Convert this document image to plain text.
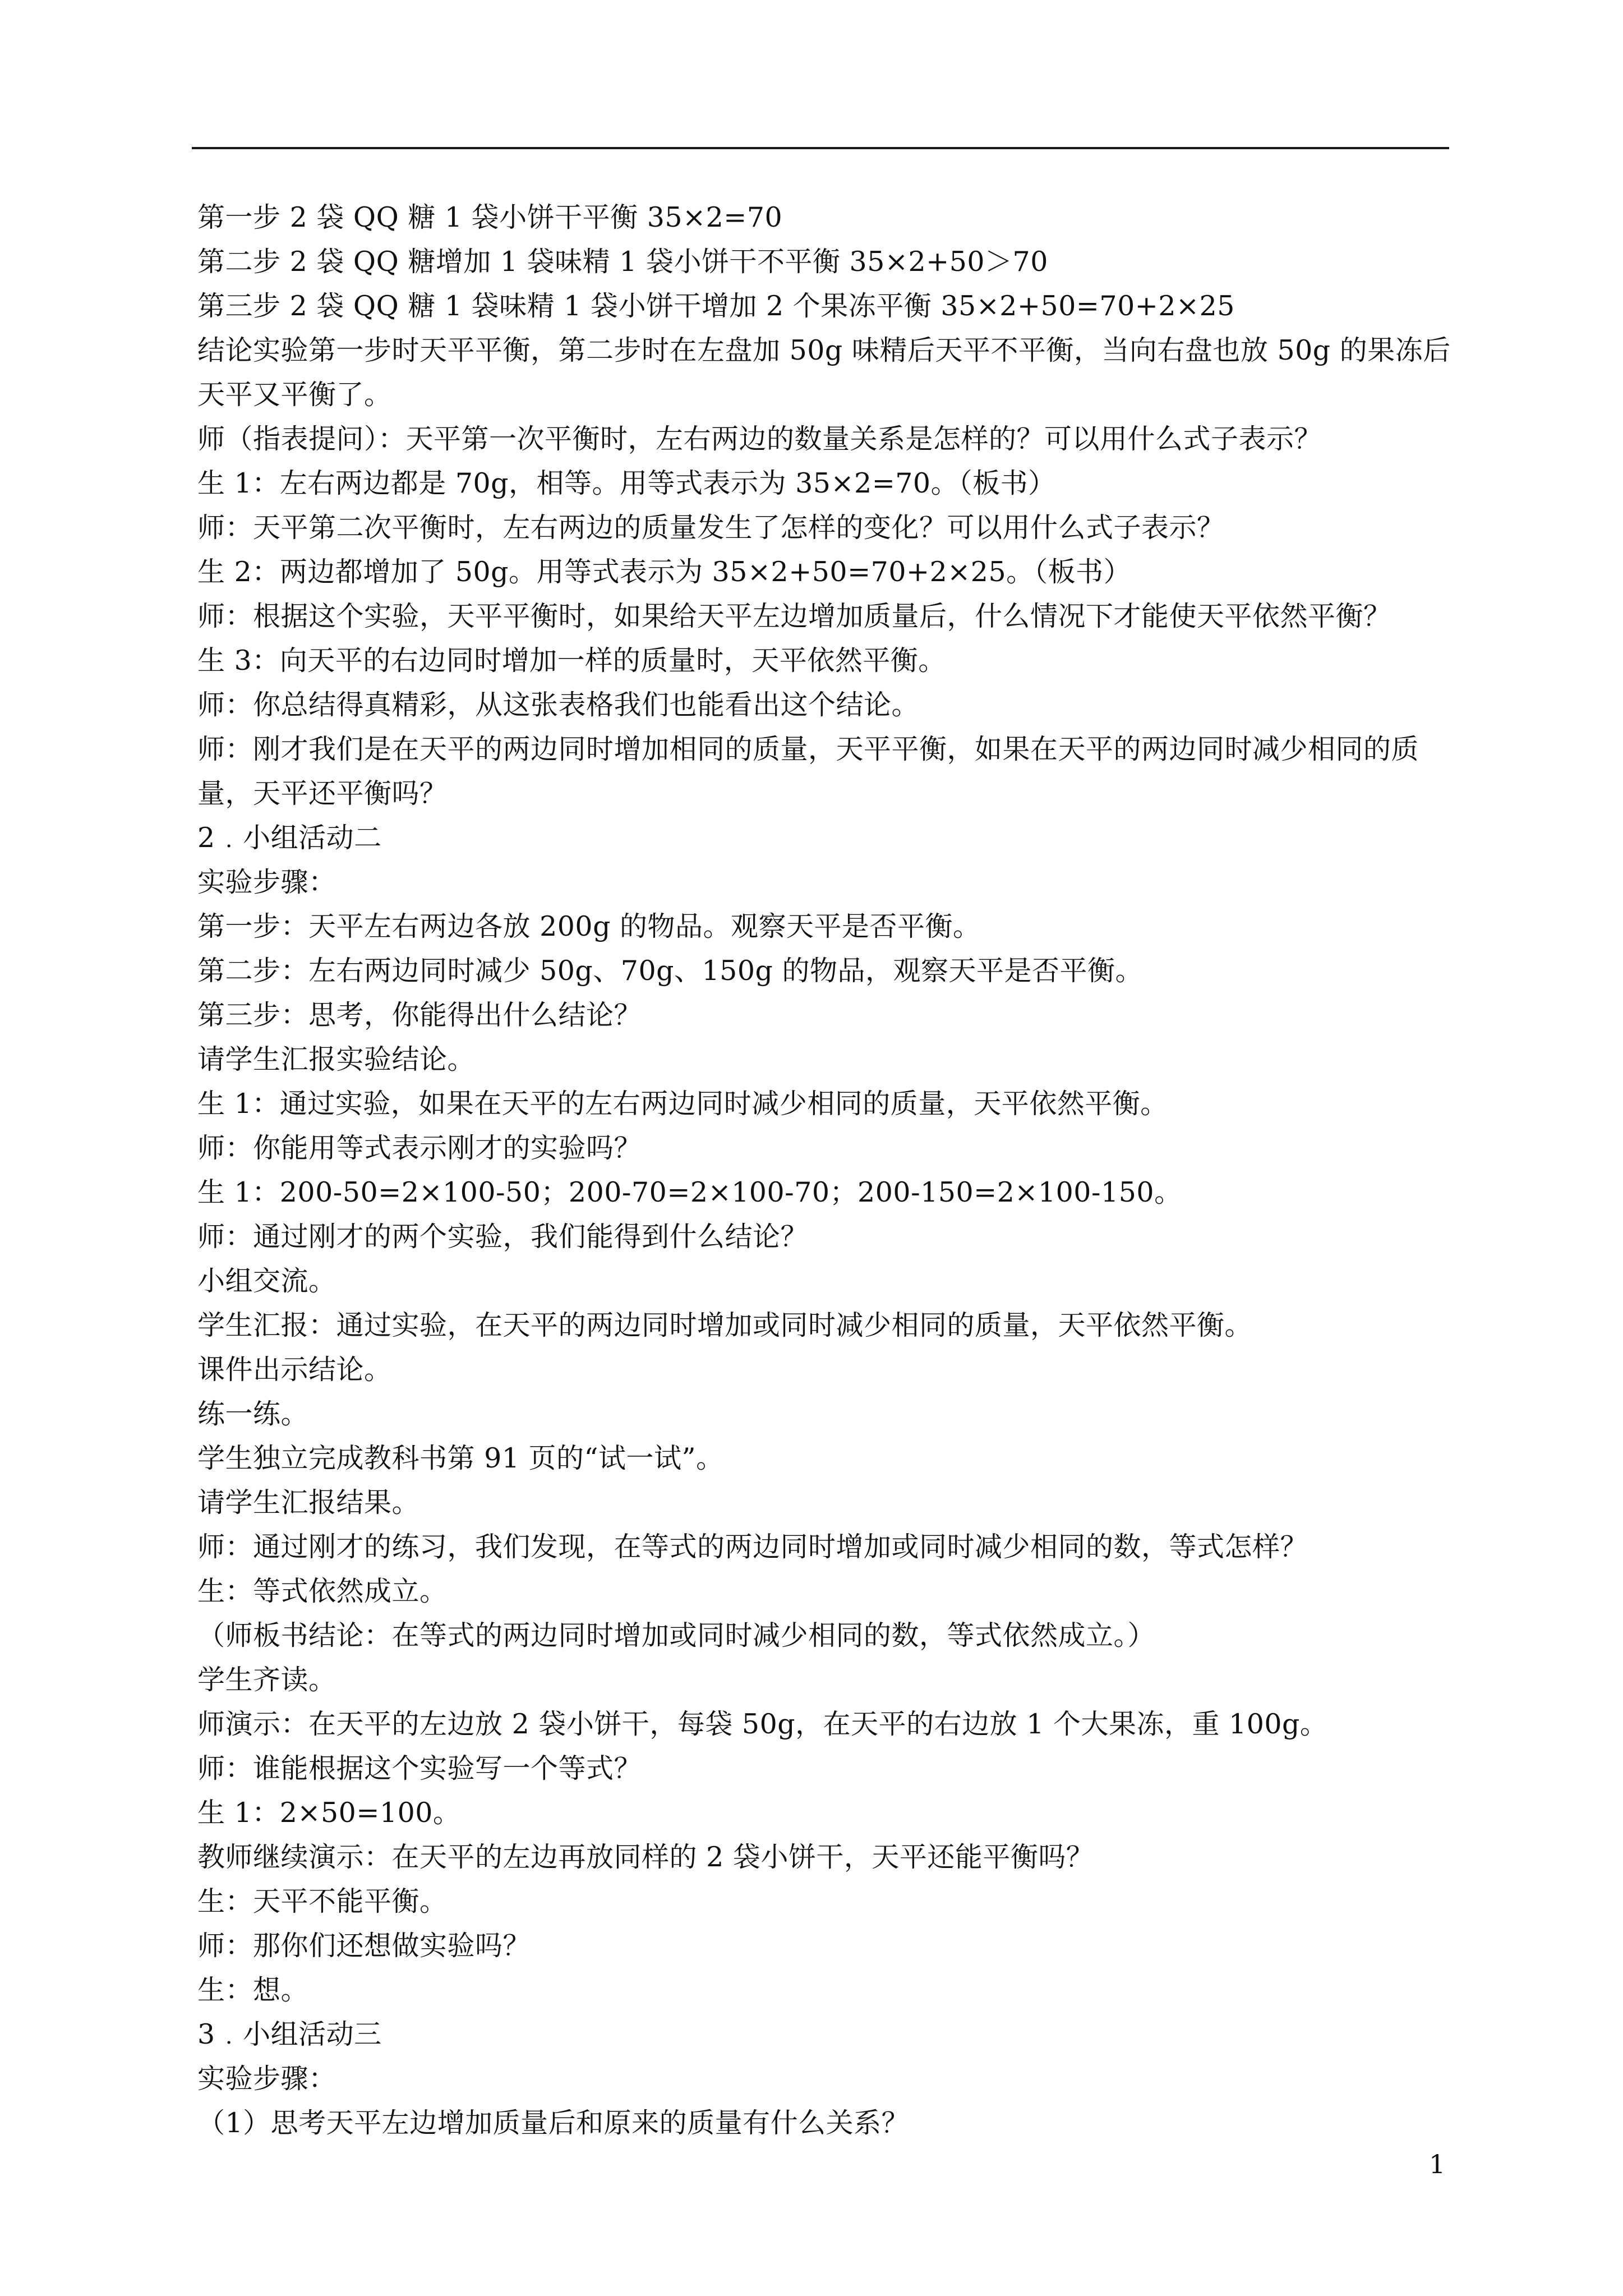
第一步 2 袋 QQ 糖 1 袋小饼干平衡 35×2=70

第二步 2 袋 QQ 糖增加 1 袋味精 1 袋小饼干不平衡 35×2+50＞70

第三步 2 袋 QQ 糖 1 袋味精 1 袋小饼干增加 2 个果冻平衡 35×2+50=70+2×25

结论实验第一步时天平平衡，第二步时在左盘加 50g 味精后天平不平衡，当向右盘也放 50g 的果冻后天平又平衡了。

师（指表提问）：天平第一次平衡时，左右两边的数量关系是怎样的？可以用什么式子表示？

生 1：左右两边都是 70g，相等。用等式表示为 35×2=70。（板书）

师：天平第二次平衡时，左右两边的质量发生了怎样的变化？可以用什么式子表示？

生 2：两边都增加了 50g。用等式表示为 35×2+50=70+2×25。（板书）

师：根据这个实验，天平平衡时，如果给天平左边增加质量后，什么情况下才能使天平依然平衡？

生 3：向天平的右边同时增加一样的质量时，天平依然平衡。

师：你总结得真精彩，从这张表格我们也能看出这个结论。

师：刚才我们是在天平的两边同时增加相同的质量，天平平衡，如果在天平的两边同时减少相同的质量，天平还平衡吗？

2﹒小组活动二

实验步骤：

第一步：天平左右两边各放 200g 的物品。观察天平是否平衡。

第二步：左右两边同时减少 50g、70g、150g 的物品，观察天平是否平衡。

第三步：思考，你能得出什么结论？

请学生汇报实验结论。

生 1：通过实验，如果在天平的左右两边同时减少相同的质量，天平依然平衡。

师：你能用等式表示刚才的实验吗？

生 1：200-50=2×100-50；200-70=2×100-70；200-150=2×100-150。

师：通过刚才的两个实验，我们能得到什么结论？

小组交流。

学生汇报：通过实验，在天平的两边同时增加或同时减少相同的质量，天平依然平衡。

课件出示结论。

练一练。

学生独立完成教科书第 91 页的“试一试”。

请学生汇报结果。

师：通过刚才的练习，我们发现，在等式的两边同时增加或同时减少相同的数，等式怎样？

生：等式依然成立。

（师板书结论：在等式的两边同时增加或同时减少相同的数，等式依然成立。）

学生齐读。

师演示：在天平的左边放 2 袋小饼干，每袋 50g，在天平的右边放 1 个大果冻，重 100g。

师：谁能根据这个实验写一个等式？

生 1：2×50=100。

教师继续演示：在天平的左边再放同样的 2 袋小饼干，天平还能平衡吗？

生：天平不能平衡。

师：那你们还想做实验吗？

生：想。

3﹒小组活动三

实验步骤：

（1）思考天平左边增加质量后和原来的质量有什么关系？

1
